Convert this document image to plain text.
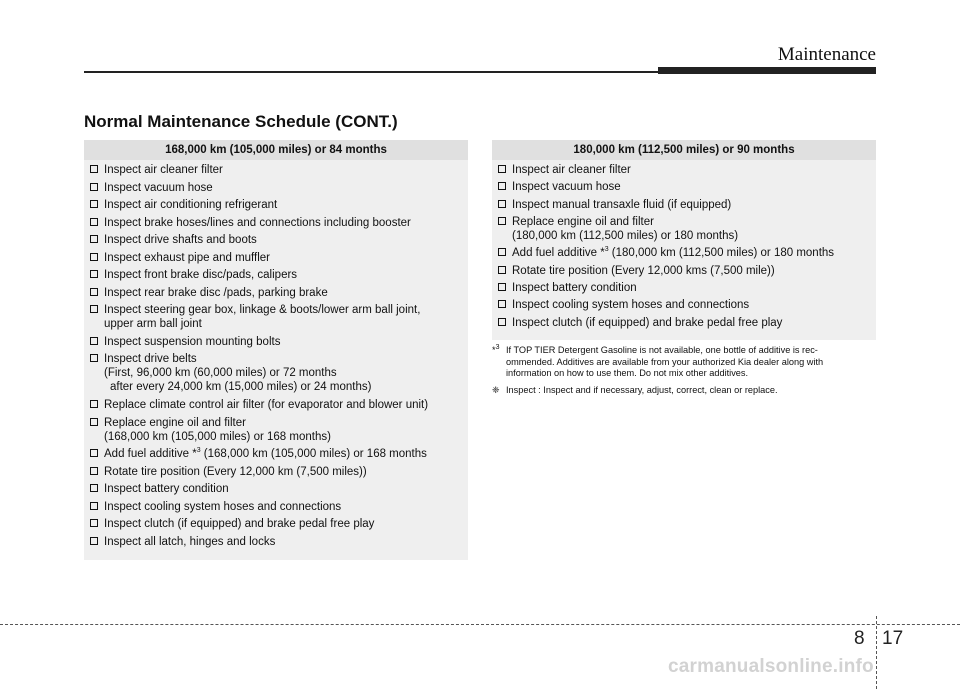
Maintenance
Normal Maintenance Schedule (CONT.)
168,000 km (105,000 miles) or 84 months
Inspect air cleaner filter
Inspect vacuum hose
Inspect air conditioning refrigerant
Inspect brake hoses/lines and connections including booster
Inspect drive shafts and boots
Inspect exhaust pipe and muffler
Inspect front brake disc/pads, calipers
Inspect rear brake disc /pads, parking brake
Inspect steering gear box, linkage & boots/lower arm ball joint,
upper arm ball joint
Inspect suspension mounting bolts
Inspect drive belts
(First, 96,000 km (60,000 miles) or 72 months
after every 24,000 km (15,000 miles) or 24 months)
Replace climate control air filter (for evaporator and blower unit)
Replace engine oil and filter
(168,000 km (105,000 miles) or 168 months)
Add fuel additive *$^3$ (168,000 km (105,000 miles) or 168 months
Rotate tire position (Every 12,000 km (7,500 miles))
Inspect battery condition
Inspect cooling system hoses and connections
Inspect clutch (if equipped) and brake pedal free play
Inspect all latch, hinges and locks
180,000 km (112,500 miles) or 90 months
Inspect air cleaner filter
Inspect vacuum hose
Inspect manual transaxle fluid (if equipped)
Replace engine oil and filter
(180,000 km (112,500 miles) or 180 months)
Add fuel additive *$^3$ (180,000 km (112,500 miles) or 180 months
Rotate tire position (Every 12,000 kms (7,500 mile))
Inspect battery condition
Inspect cooling system hoses and connections
Inspect clutch (if equipped) and brake pedal free play
*$^3$ If TOP TIER Detergent Gasoline is not available, one bottle of additive is rec-
ommended. Additives are available from your authorized Kia dealer along with
information on how to use them. Do not mix other additives.
❈ Inspect : Inspect and if necessary, adjust, correct, clean or replace.
8 17
carmanualsonline.info
